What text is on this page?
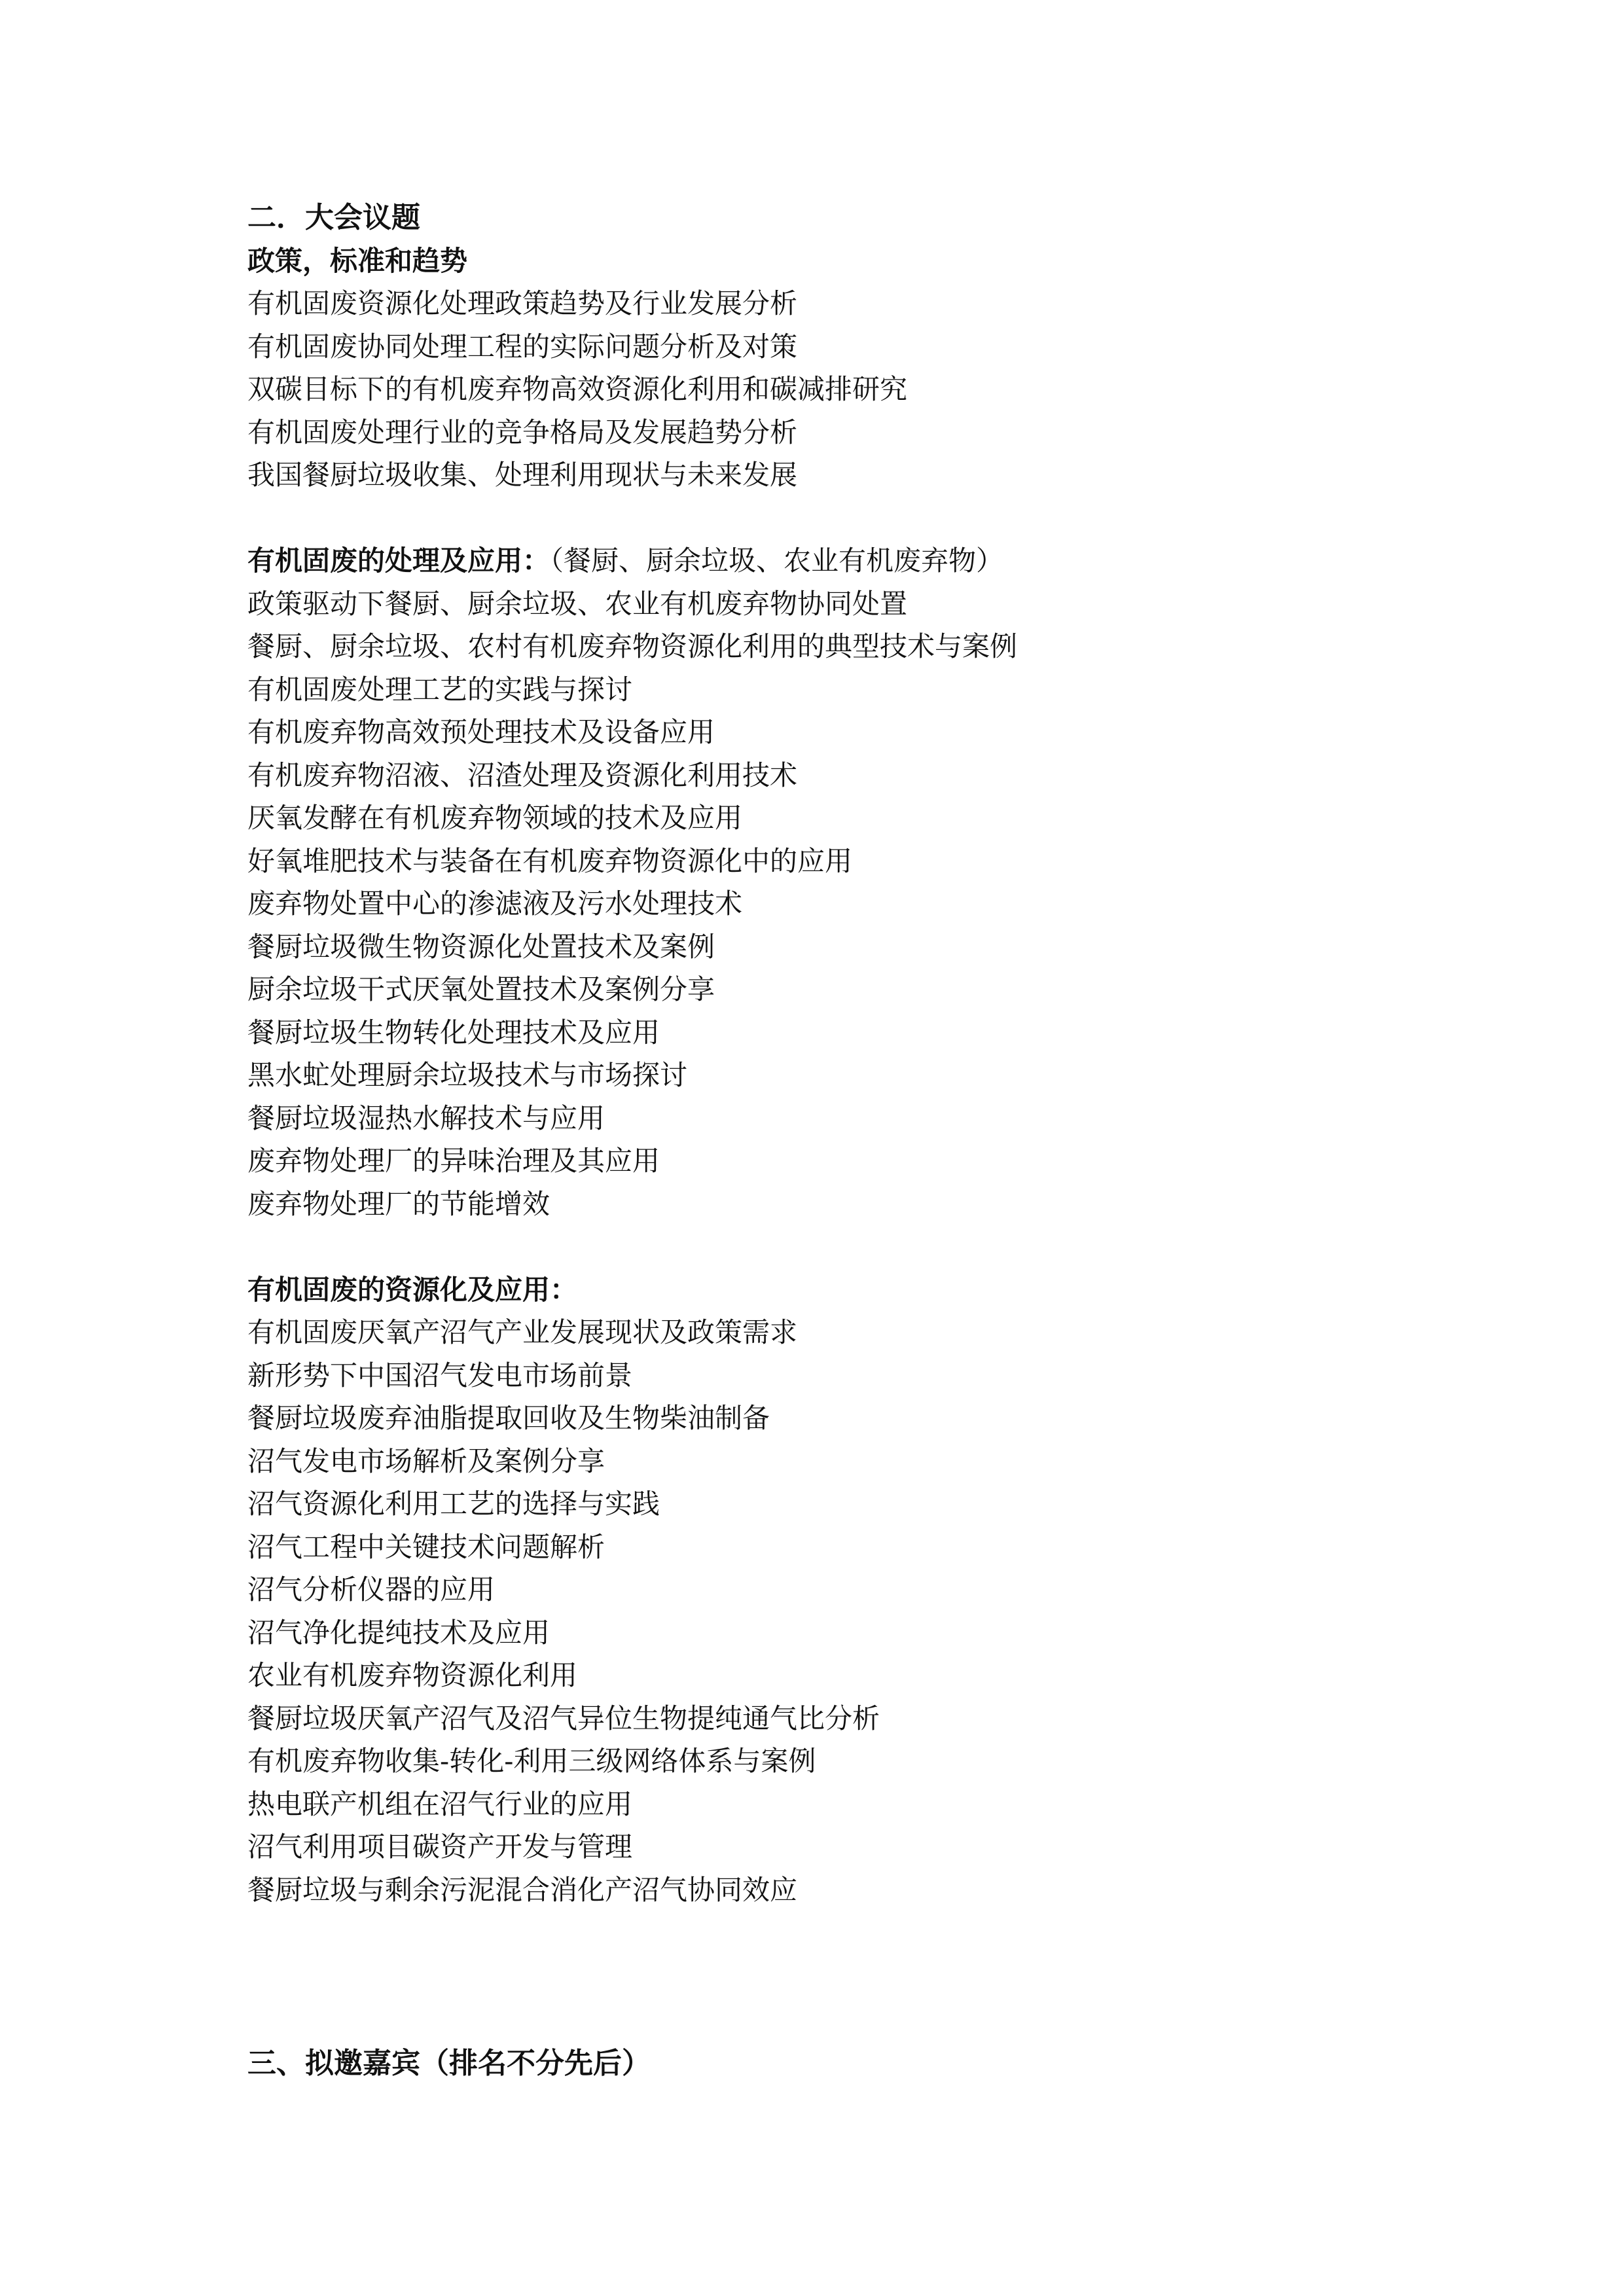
二．大会议题
政策，标准和趋势
有机固废资源化处理政策趋势及行业发展分析
有机固废协同处理工程的实际问题分析及对策
双碳目标下的有机废弃物高效资源化利用和碳减排研究
有机固废处理行业的竞争格局及发展趋势分析
我国餐厨垃圾收集、处理利用现状与未来发展
有机固废的处理及应用：（餐厨、厨余垃圾、农业有机废弃物）
政策驱动下餐厨、厨余垃圾、农业有机废弃物协同处置
餐厨、厨余垃圾、农村有机废弃物资源化利用的典型技术与案例
有机固废处理工艺的实践与探讨
有机废弃物高效预处理技术及设备应用
有机废弃物沼液、沼渣处理及资源化利用技术
厌氧发酵在有机废弃物领域的技术及应用
好氧堆肥技术与装备在有机废弃物资源化中的应用
废弃物处置中心的渗滤液及污水处理技术
餐厨垃圾微生物资源化处置技术及案例
厨余垃圾干式厌氧处置技术及案例分享
餐厨垃圾生物转化处理技术及应用
黑水虻处理厨余垃圾技术与市场探讨
餐厨垃圾湿热水解技术与应用
废弃物处理厂的异味治理及其应用
废弃物处理厂的节能增效
有机固废的资源化及应用：
有机固废厌氧产沼气产业发展现状及政策需求
新形势下中国沼气发电市场前景
餐厨垃圾废弃油脂提取回收及生物柴油制备
沼气发电市场解析及案例分享
沼气资源化利用工艺的选择与实践
沼气工程中关键技术问题解析
沼气分析仪器的应用
沼气净化提纯技术及应用
农业有机废弃物资源化利用
餐厨垃圾厌氧产沼气及沼气异位生物提纯通气比分析
有机废弃物收集-转化-利用三级网络体系与案例
热电联产机组在沼气行业的应用
沼气利用项目碳资产开发与管理
餐厨垃圾与剩余污泥混合消化产沼气协同效应
三、拟邀嘉宾（排名不分先后）
